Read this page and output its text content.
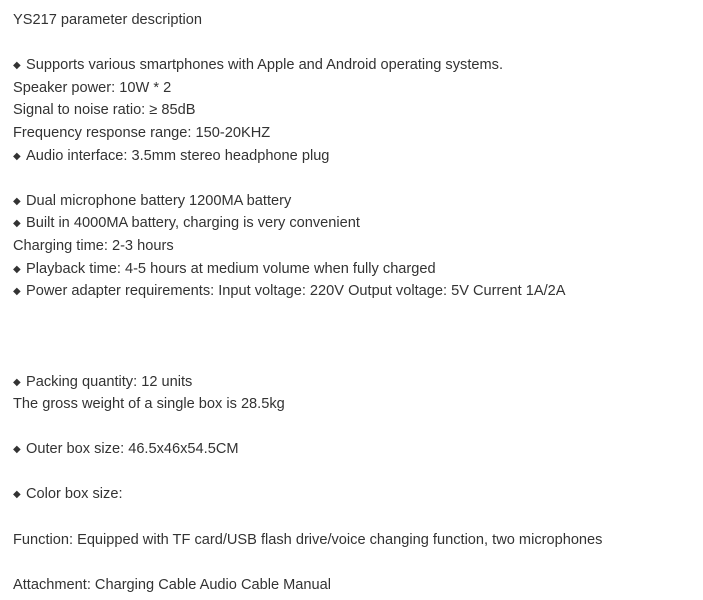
YS217 parameter description
◆ Supports various smartphones with Apple and Android operating systems.
Speaker power: 10W * 2
Signal to noise ratio: ≥ 85dB
Frequency response range: 150-20KHZ
◆ Audio interface: 3.5mm stereo headphone plug
◆ Dual microphone battery 1200MA battery
◆ Built in 4000MA battery, charging is very convenient
Charging time: 2-3 hours
◆ Playback time: 4-5 hours at medium volume when fully charged
◆ Power adapter requirements: Input voltage: 220V Output voltage: 5V Current 1A/2A
◆ Packing quantity: 12 units
The gross weight of a single box is 28.5kg
◆ Outer box size: 46.5x46x54.5CM
◆ Color box size:
Function: Equipped with TF card/USB flash drive/voice changing function, two microphones
Attachment: Charging Cable Audio Cable Manual
